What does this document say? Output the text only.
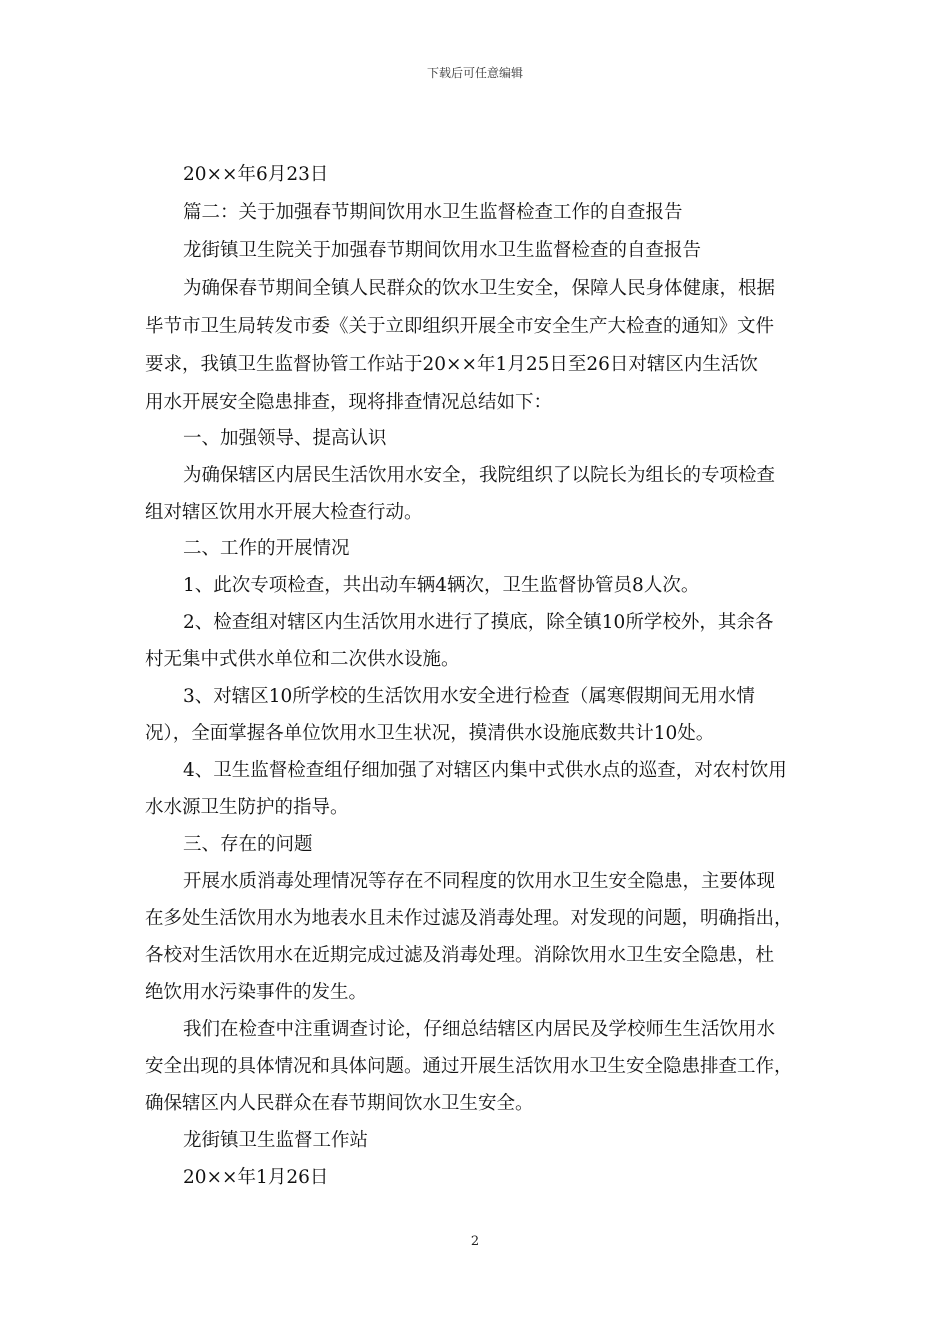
下载后可任意编辑
20××年6月23日
篇二：关于加强春节期间饮用水卫生监督检查工作的自查报告
龙街镇卫生院关于加强春节期间饮用水卫生监督检查的自查报告
为确保春节期间全镇人民群众的饮水卫生安全，保障人民身体健康，根据
毕节市卫生局转发市委《关于立即组织开展全市安全生产大检查的通知》文件
要求，我镇卫生监督协管工作站于20××年1月25日至26日对辖区内生活饮
用水开展安全隐患排查，现将排查情况总结如下：
一、加强领导、提高认识
为确保辖区内居民生活饮用水安全，我院组织了以院长为组长的专项检查
组对辖区饮用水开展大检查行动。
二、工作的开展情况
1、此次专项检查，共出动车辆4辆次，卫生监督协管员8人次。
2、检查组对辖区内生活饮用水进行了摸底，除全镇10所学校外，其余各
村无集中式供水单位和二次供水设施。
3、对辖区10所学校的生活饮用水安全进行检查（属寒假期间无用水情
况），全面掌握各单位饮用水卫生状况，摸清供水设施底数共计10处。
4、卫生监督检查组仔细加强了对辖区内集中式供水点的巡查，对农村饮用
水水源卫生防护的指导。
三、存在的问题
开展水质消毒处理情况等存在不同程度的饮用水卫生安全隐患，主要体现
在多处生活饮用水为地表水且未作过滤及消毒处理。对发现的问题，明确指出，
各校对生活饮用水在近期完成过滤及消毒处理。消除饮用水卫生安全隐患，杜
绝饮用水污染事件的发生。
我们在检查中注重调查讨论，仔细总结辖区内居民及学校师生生活饮用水
安全出现的具体情况和具体问题。通过开展生活饮用水卫生安全隐患排查工作，
确保辖区内人民群众在春节期间饮水卫生安全。
龙街镇卫生监督工作站
20××年1月26日
2
